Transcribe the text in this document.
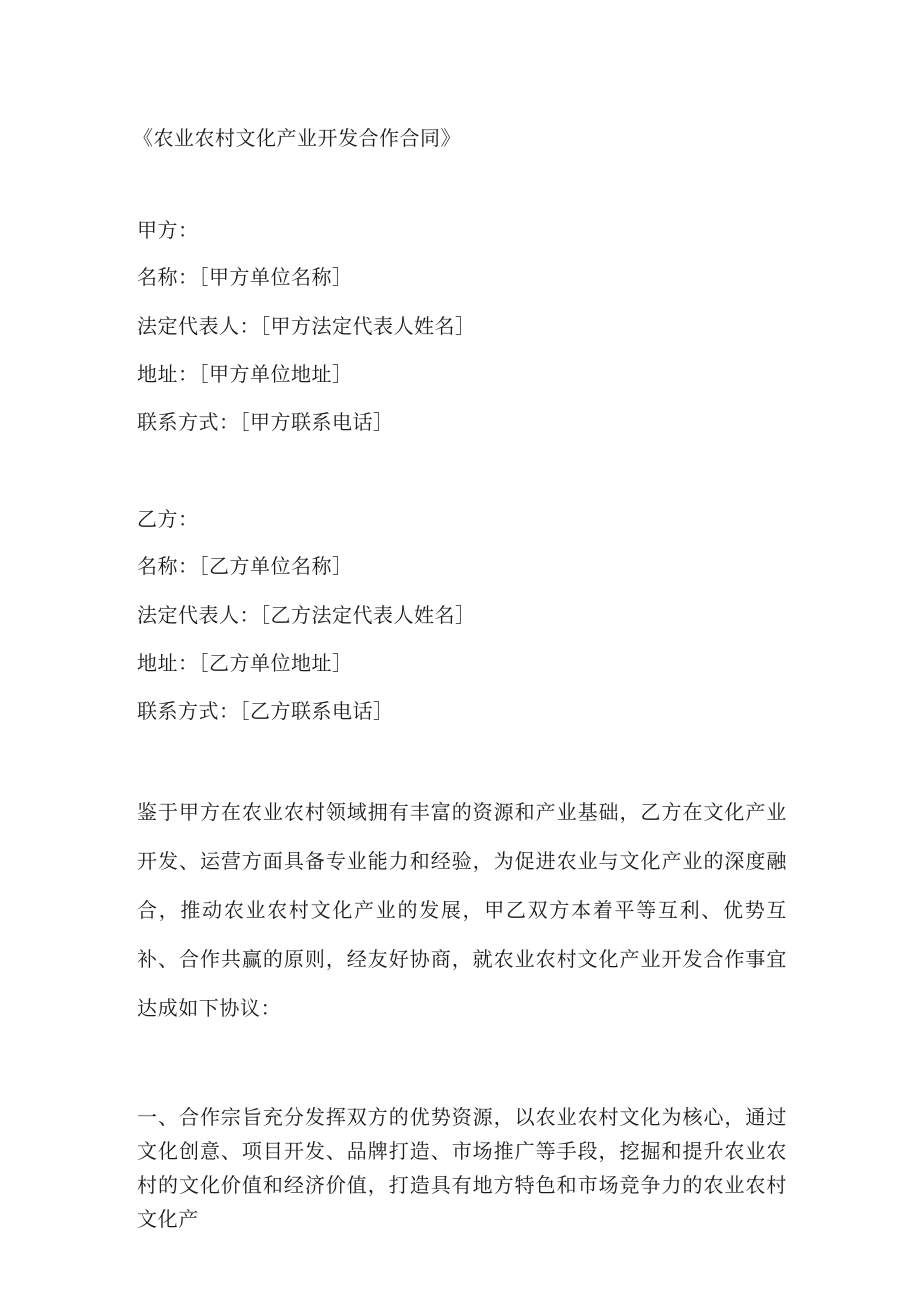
《农业农村文化产业开发合作合同》
甲方：
名称：［甲方单位名称］
法定代表人：［甲方法定代表人姓名］
地址：［甲方单位地址］
联系方式：［甲方联系电话］
乙方：
名称：［乙方单位名称］
法定代表人：［乙方法定代表人姓名］
地址：［乙方单位地址］
联系方式：［乙方联系电话］
鉴于甲方在农业农村领域拥有丰富的资源和产业基础，乙方在文化产业开发、运营方面具备专业能力和经验，为促进农业与文化产业的深度融合，推动农业农村文化产业的发展，甲乙双方本着平等互利、优势互补、合作共赢的原则，经友好协商，就农业农村文化产业开发合作事宜达成如下协议：
一、合作宗旨充分发挥双方的优势资源，以农业农村文化为核心，通过文化创意、项目开发、品牌打造、市场推广等手段，挖掘和提升农业农村的文化价值和经济价值，打造具有地方特色和市场竞争力的农业农村文化产
